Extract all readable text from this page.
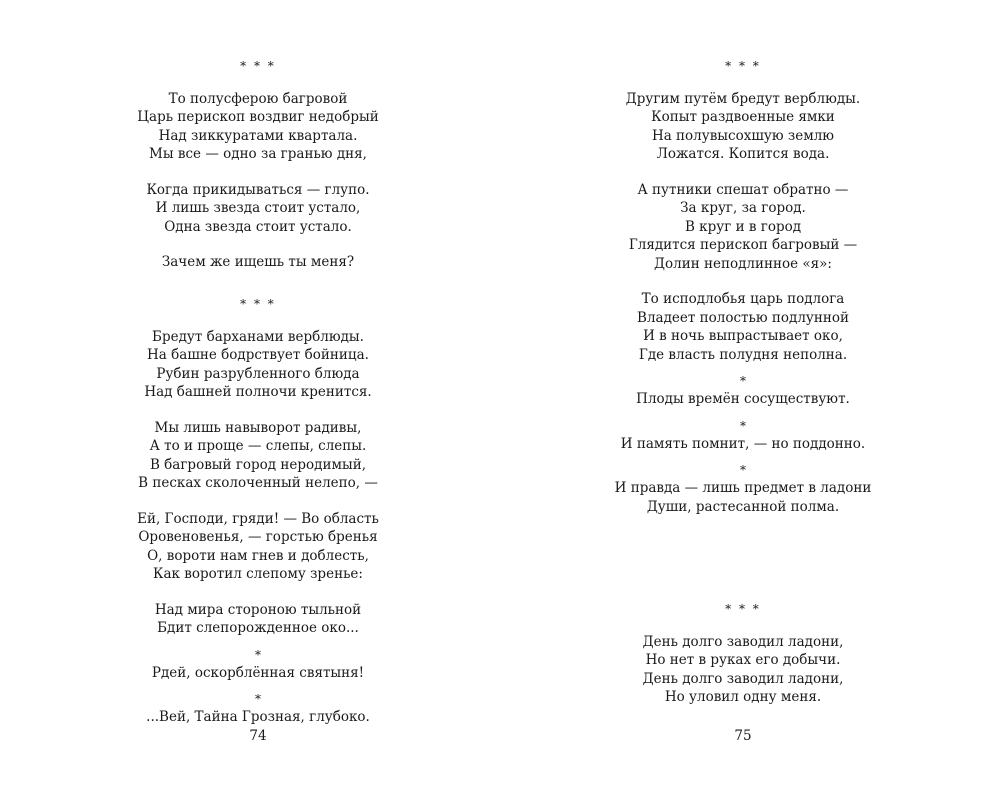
* * *
То полусферою багровой
Царь перископ воздвиг недобрый
Над зиккуратами квартала.
Мы все — одно за гранью дня,
Когда прикидываться — глупо.
И лишь звезда стоит устало,
Одна звезда стоит устало.
Зачем же ищешь ты меня?
* * *
Бредут барханами верблюды.
На башне бодрствует бойница.
Рубин разрубленного блюда
Над башней полночи кренится.
Мы лишь навыворот радивы,
А то и проще — слепы, слепы.
В багровый город неродимый,
В песках сколоченный нелепо, —
Ей, Господи, гряди! — Во область
Оровеновенья, — горстью бренья
О, вороти нам гнев и доблесть,
Как воротил слепому зренье:
Над мира стороною тыльной
Бдит слепорожденное око...
*
Рдей, оскорблённая святыня!
*
...Вей, Тайна Грозная, глубоко.
74
* * *
Другим путём бредут верблюды.
Копыт раздвоенные ямки
На полувысохшую землю
Ложатся. Копится вода.
А путники спешат обратно —
За круг, за город.
В круг и в город
Глядится перископ багровый —
Долин неподлинное «я»:
То исподлобья царь подлога
Владеет полостью подлунной
И в ночь выпрастывает око,
Где власть полудня неполна.
*
Плоды времён сосуществуют.
*
И память помнит, — но поддонно.
*
И правда — лишь предмет в ладони
Души, растесанной полма.
* * *
День долго заводил ладони,
Но нет в руках его добычи.
День долго заводил ладони,
Но уловил одну меня.
75
